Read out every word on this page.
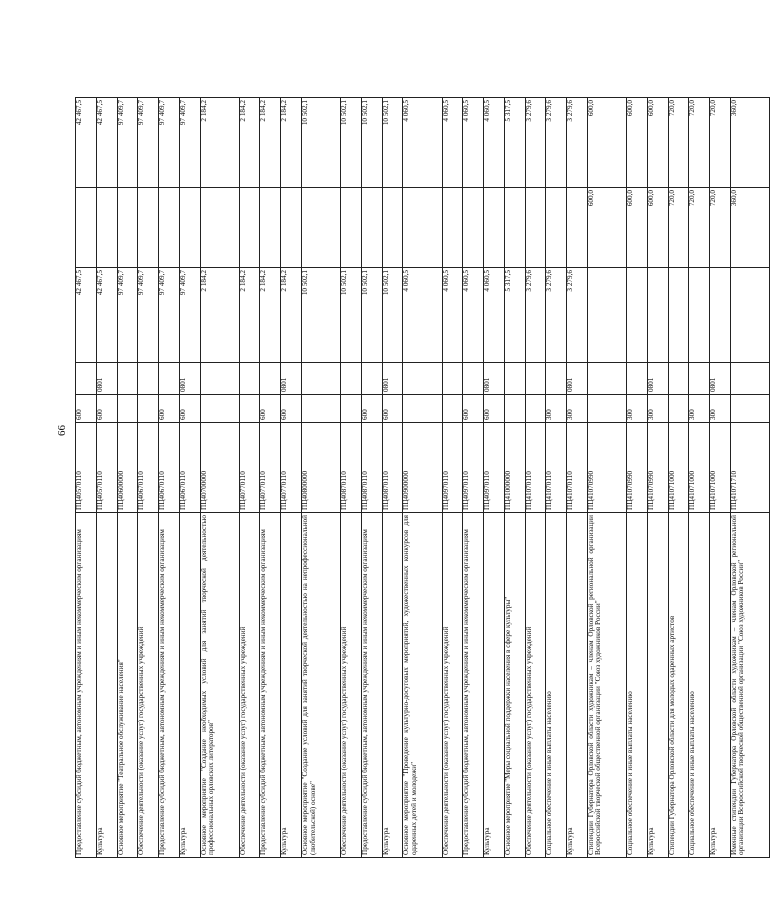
66
Предоставление субсидий бюджетным, автономным учреждениям и иным некоммерческим организациям	ПЦ40570110	600		42 467,5		42 467,5
Культура	ПЦ40570110	600	0801	42 467,5		42 467,5
Основное мероприятие "Театральное обслуживание населения"	ПЦ40600000			97 409,7		97 409,7
Обеспечение деятельности (оказание услуг) государственных учреждений	ПЦ40670110			97 409,7		97 409,7
Предоставление субсидий бюджетным, автономным учреждениям и иным некоммерческим организациям	ПЦ40670110	600		97 409,7		97 409,7
Культура	ПЦ40670110	600	0801	97 409,7		97 409,7
Основное мероприятие "Создание необходимых условий для занятий творческой деятельностью профессиональных орловских литераторов"	ПЦ40700000			2 184,2		2 184,2
Обеспечение деятельности (оказание услуг) государственных учреждений	ПЦ40770110			2 184,2		2 184,2
Предоставление субсидий бюджетным, автономным учреждениям и иным некоммерческим организациям	ПЦ40770110	600		2 184,2		2 184,2
Культура	ПЦ40770110	600	0801	2 184,2		2 184,2
Основное мероприятие "Создание условий для занятий творческой деятельностью на непрофессиональной (любительской) основе"	ПЦ40800000			10 502,1		10 502,1
Обеспечение деятельности (оказание услуг) государственных учреждений	ПЦ40870110			10 502,1		10 502,1
Предоставление субсидий бюджетным, автономным учреждениям и иным некоммерческим организациям	ПЦ40870110	600		10 502,1		10 502,1
Культура	ПЦ40870110	600	0801	10 502,1		10 502,1
Основное мероприятие "Проведение культурно-досуговых мероприятий, художественных конкурсов для одаренных детей и молодежи"	ПЦ40900000			4 060,5		4 060,5
Обеспечение деятельности (оказание услуг) государственных учреждений	ПЦ40970110			4 060,5		4 060,5
Предоставление субсидий бюджетным, автономным учреждениям и иным некоммерческим организациям	ПЦ40970110	600		4 060,5		4 060,5
Культура	ПЦ40970110	600	0801	4 060,5		4 060,5
Основное мероприятие "Меры социальной поддержки населения в сфере культуры"	ПЦ41000000			5 317,5		5 317,5
Обеспечение деятельности (оказание услуг) государственных учреждений	ПЦ41070110			3 279,6		3 279,6
Социальное обеспечение и иные выплаты населению	ПЦ41070110	300		3 279,6		3 279,6
Культура	ПЦ41070110	300	0801	3 279,6		3 279,6
Стипендии Губернатора Орловской области художникам – членам Орловской региональной организации Всероссийской творческой общественной организации "Союз художников России"	ПЦ41070990				600,0	600,0
Социальное обеспечение и иные выплаты населению	ПЦ41070990	300			600,0	600,0
Культура	ПЦ41070990	300	0801		600,0	600,0
Стипендии Губернатора Орловской области для молодых одаренных артистов	ПЦ41071000				720,0	720,0
Социальное обеспечение и иные выплаты населению	ПЦ41071000	300			720,0	720,0
Культура	ПЦ41071000	300	0801		720,0	720,0
Именные стипендии Губернатора Орловской области художникам – членам Орловской региональной организации Всероссийской творческой общественной организации "Союз художников России"	ПЦ41071710				360,0	360,0
